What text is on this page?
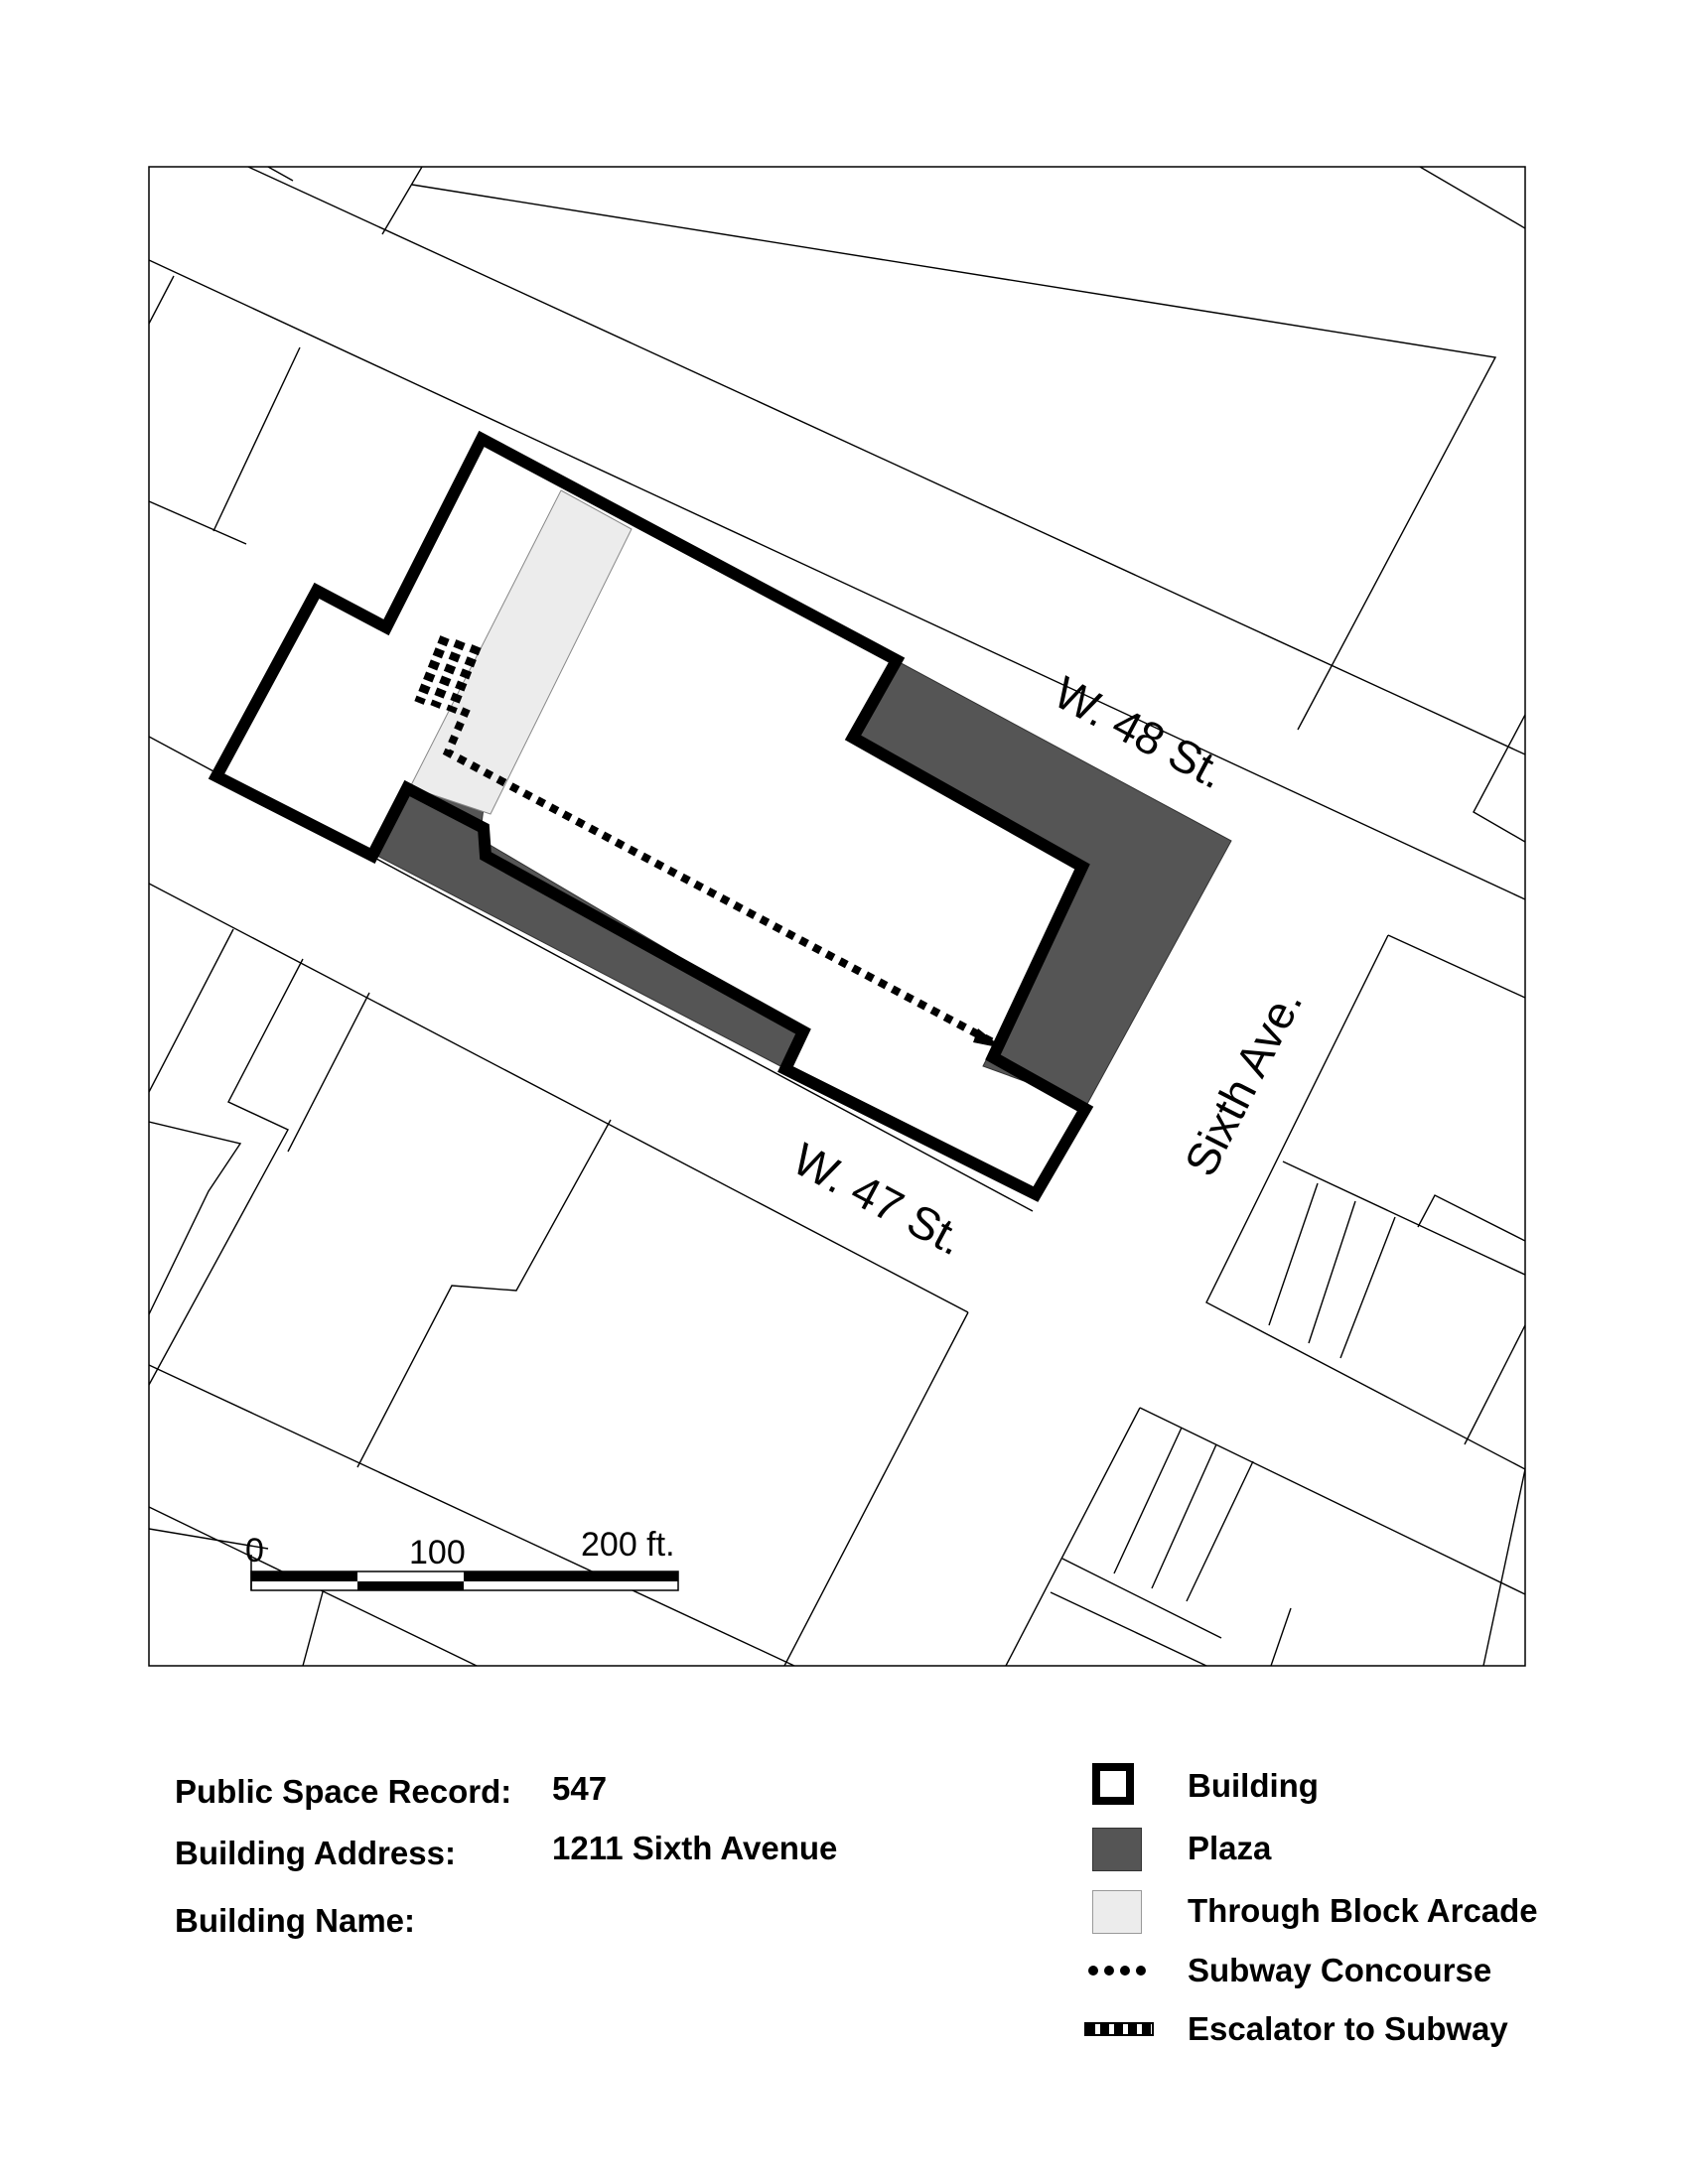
W. 48 St.
W. 47 St.
Sixth Ave.
0	100	200 ft.
Public Space Record: 547
Building Address:	1211 Sixth Avenue
Building Name:
Building
Plaza
Through Block Arcade
Subway Concourse
Escalator to Subway
